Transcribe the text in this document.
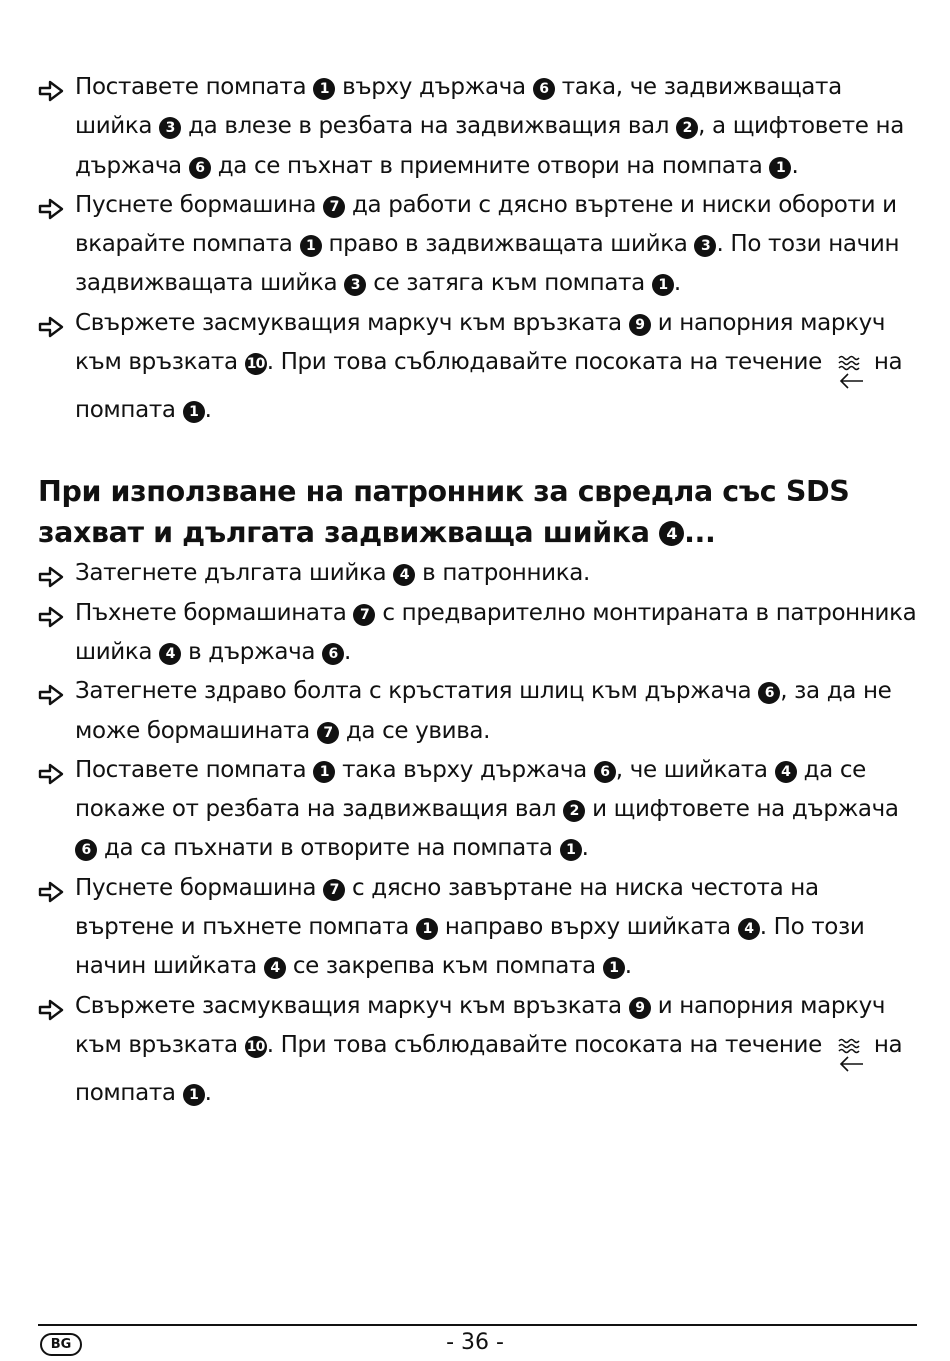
Поставете помпата 1 върху държача 6 така, че задвижващата шийка 3 да влезе в резбата на задвижващия вал 2 , а щифтовете на държача 6 да се пъхнат в приемните отвори на помпата 1 .
Пуснете бормашина 7 да работи с дясно въртене и ниски обороти и вкарайте помпата 1 право в задвижващата шийка 3 . По този начин задвижващата шийка 3 се затяга към помпата 1 .
Свържете засмукващия маркуч към връзката 9 и напорния маркуч към връзката 10. При това съблюдавайте посоката на течение  на помпата 1 .
При използване на патронник за свредла със SDS захват и дългата задвижваща шийка 4 ...
Затегнете дългата шийка 4 в патронника.
Пъхнете бормашината 7 с предварително монтираната в патронника шийка 4 в държача 6 .
Затегнете здраво болта с кръстатия шлиц към държача 6 , за да не може бормашината 7 да се увива.
Поставете помпата 1 така върху държача 6 , че шийката 4 да се покаже от резбата на задвижващия вал 2 и щифтовете на държача 6 да са пъхнати в отворите на помпата 1 .
Пуснете бормашина 7 с дясно завъртане на ниска честота на въртене и пъхнете помпата 1 направо върху шийката 4 . По този начин шийката 4 се закрепва към помпата 1 .
Свържете засмукващия маркуч към връзката 9 и напорния маркуч към връзката 10. При това съблюдавайте посоката на течение  на помпата 1 .
BG	- 36 -
